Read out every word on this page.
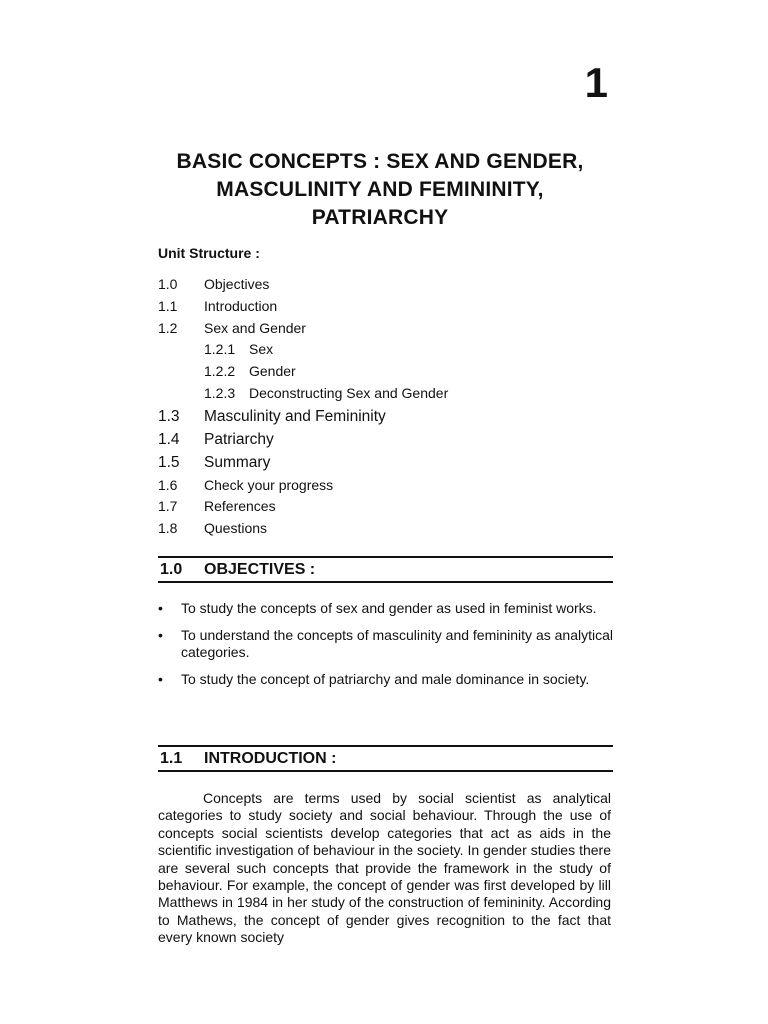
1
BASIC CONCEPTS : SEX AND GENDER,
MASCULINITY AND FEMININITY,
PATRIARCHY
Unit Structure :
1.0 Objectives
1.1 Introduction
1.2 Sex and Gender
1.2.1 Sex
1.2.2 Gender
1.2.3 Deconstructing Sex and Gender
1.3 Masculinity and Femininity
1.4 Patriarchy
1.5 Summary
1.6 Check your progress
1.7 References
1.8 Questions
1.0 OBJECTIVES :
• To study the concepts of sex and gender as used in feminist works.
• To understand the concepts of masculinity and femininity as analytical categories.
• To study the concept of patriarchy and male dominance in society.
1.1 INTRODUCTION :

Concepts are terms used by social scientist as analytical categories to study society and social behaviour. Through the use of concepts social scientists develop categories that act as aids in the scientific investigation of behaviour in the society. In gender studies there are several such concepts that provide the framework in the study of behaviour. For example, the concept of gender was first developed by lill Matthews in 1984 in her study of the construction of femininity. According to Mathews, the concept of gender gives recognition to the fact that every known society
